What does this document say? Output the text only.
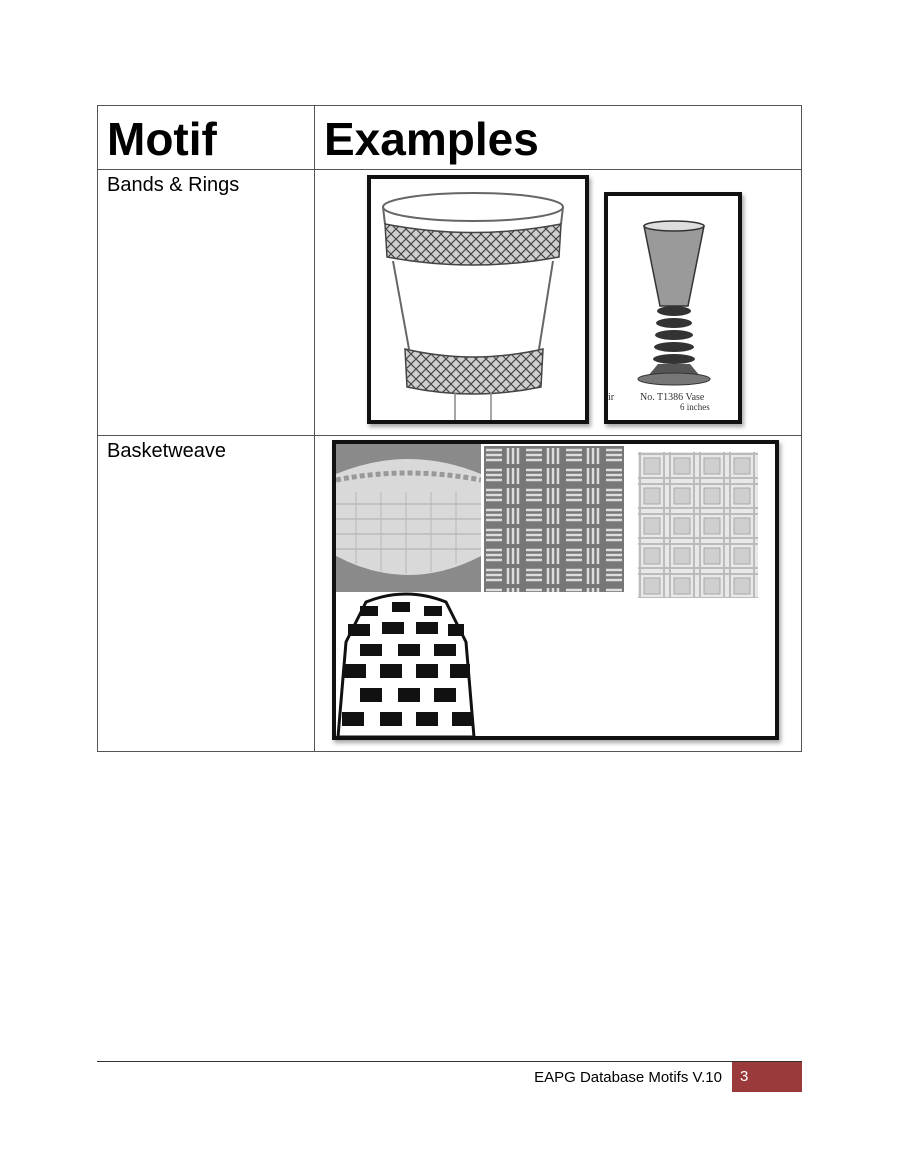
Motif	Examples
Bands & Rings	ir No. T1386 Vase
6 inches

Basketweave	
EAPG Database Motifs V.10	3
